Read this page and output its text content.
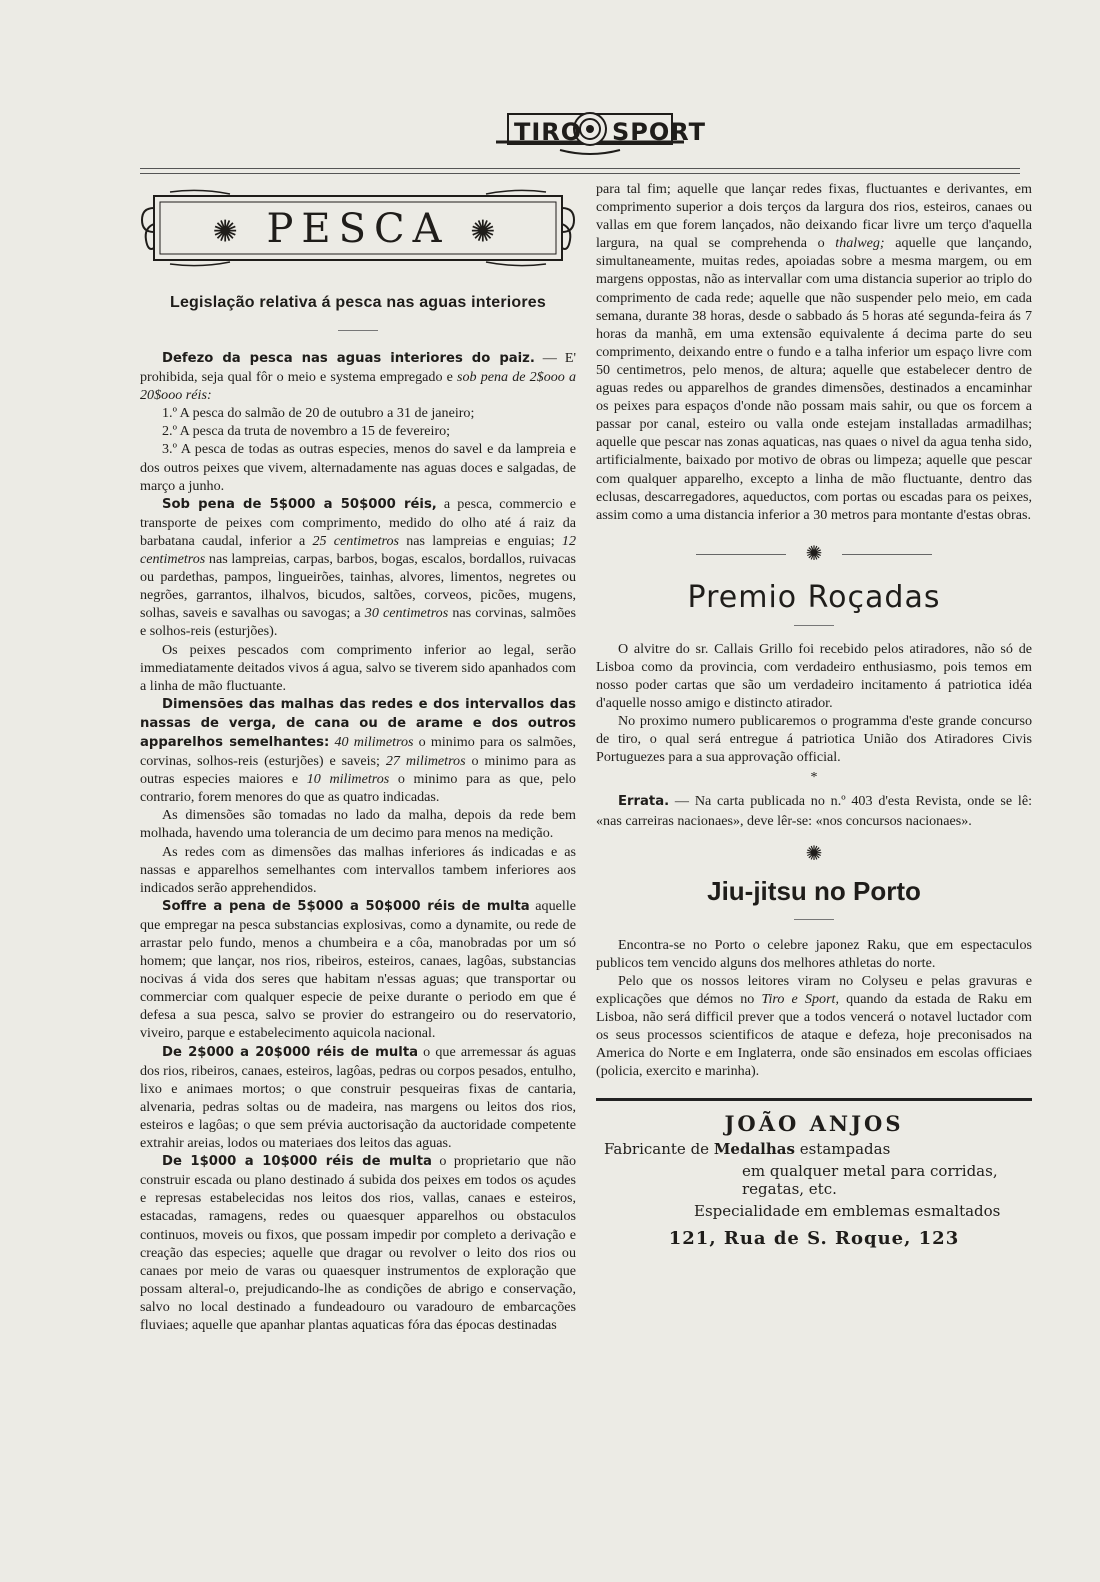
TIRO SPORT
✺ PESCA ✺
Legislação relativa á pesca nas aguas interiores

Defezo da pesca nas aguas interiores do paiz. — E' prohibida, seja qual fôr o meio e systema empregado e sob pena de 2$ooo a 20$ooo réis:

1.º A pesca do salmão de 20 de outubro a 31 de janeiro;

2.º A pesca da truta de novembro a 15 de fevereiro;

3.º A pesca de todas as outras especies, menos do savel e da lampreia e dos outros peixes que vivem, alternadamente nas aguas doces e salgadas, de março a junho.

Sob pena de 5$000 a 50$000 réis, a pesca, commercio e transporte de peixes com comprimento, medido do olho até á raiz da barbatana caudal, inferior a 25 centimetros nas lampreias e enguias; 12 centimetros nas lampreias, carpas, barbos, bogas, escalos, bordallos, ruivacas ou pardethas, pampos, lingueirões, tainhas, alvores, limentos, negretes ou negrões, garrantos, ilhalvos, bicudos, saltões, corveos, picões, mugens, solhas, saveis e savalhas ou savogas; a 30 centimetros nas corvinas, salmões e solhos-reis (esturjões).

Os peixes pescados com comprimento inferior ao legal, serão immediatamente deitados vivos á agua, salvo se tiverem sido apanhados com a linha de mão fluctuante.

Dimensões das malhas das redes e dos intervallos das nassas de verga, de cana ou de arame e dos outros apparelhos semelhantes: 40 milimetros o minimo para os salmões, corvinas, solhos-reis (esturjões) e saveis; 27 milimetros o minimo para as outras especies maiores e 10 milimetros o minimo para as que, pelo contrario, forem menores do que as quatro indicadas.

As dimensões são tomadas no lado da malha, depois da rede bem molhada, havendo uma tolerancia de um decimo para menos na medição.

As redes com as dimensões das malhas inferiores ás indicadas e as nassas e apparelhos semelhantes com intervallos tambem inferiores aos indicados serão apprehendidos.

Soffre a pena de 5$000 a 50$000 réis de multa aquelle que empregar na pesca substancias explosivas, como a dynamite, ou rede de arrastar pelo fundo, menos a chumbeira e a côa, manobradas por um só homem; que lançar, nos rios, ribeiros, esteiros, canaes, lagôas, substancias nocivas á vida dos seres que habitam n'essas aguas; que transportar ou commerciar com qualquer especie de peixe durante o periodo em que é defesa a sua pesca, salvo se provier do estrangeiro ou do reservatorio, viveiro, parque e estabelecimento aquicola nacional.

De 2$000 a 20$000 réis de multa o que arremessar ás aguas dos rios, ribeiros, canaes, esteiros, lagôas, pedras ou corpos pesados, entulho, lixo e animaes mortos; o que construir pesqueiras fixas de cantaria, alvenaria, pedras soltas ou de madeira, nas margens ou leitos dos rios, esteiros e lagôas; o que sem prévia auctorisação da auctoridade competente extrahir areias, lodos ou materiaes dos leitos das aguas.

De 1$000 a 10$000 réis de multa o proprietario que não construir escada ou plano destinado á subida dos peixes em todos os açudes e represas estabelecidas nos leitos dos rios, vallas, canaes e esteiros, estacadas, ramagens, redes ou quaesquer apparelhos ou obstaculos continuos, moveis ou fixos, que possam impedir por completo a derivação e creação das especies; aquelle que dragar ou revolver o leito dos rios ou canaes por meio de varas ou quaesquer instrumentos de exploração que possam alteral-o, prejudicando-lhe as condições de abrigo e conservação, salvo no local destinado a fundeadouro ou varadouro de embarcações fluviaes; aquelle que apanhar plantas aquaticas fóra das épocas destinadas

para tal fim; aquelle que lançar redes fixas, fluctuantes e derivantes, em comprimento superior a dois terços da largura dos rios, esteiros, canaes ou vallas em que forem lançados, não deixando ficar livre um terço d'aquella largura, na qual se comprehenda o thalweg; aquelle que lançando, simultaneamente, muitas redes, apoiadas sobre a mesma margem, ou em margens oppostas, não as intervallar com uma distancia superior ao triplo do comprimento de cada rede; aquelle que não suspender pelo meio, em cada semana, durante 38 horas, desde o sabbado ás 5 horas até segunda-feira ás 7 horas da manhã, em uma extensão equivalente á decima parte do seu comprimento, deixando entre o fundo e a talha inferior um espaço livre com 50 centimetros, pelo menos, de altura; aquelle que estabelecer dentro de aguas redes ou apparelhos de grandes dimensões, destinados a encaminhar os peixes para espaços d'onde não possam mais sahir, ou que os forcem a passar por canal, esteiro ou valla onde estejam installadas armadilhas; aquelle que pescar nas zonas aquaticas, nas quaes o nivel da agua tenha sido, artificialmente, baixado por motivo de obras ou limpeza; aquelle que pescar com qualquer apparelho, excepto a linha de mão fluctuante, dentro das eclusas, descarregadores, aqueductos, com portas ou escadas para os peixes, assim como a uma distancia inferior a 30 metros para montante d'estas obras.

✺
Premio Roçadas

O alvitre do sr. Callais Grillo foi recebido pelos atiradores, não só de Lisboa como da provincia, com verdadeiro enthusiasmo, pois temos em nosso poder cartas que são um verdadeiro incitamento á patriotica idéa d'aquelle nosso amigo e distincto atirador.

No proximo numero publicaremos o programma d'este grande concurso de tiro, o qual será entregue á patriotica União dos Atiradores Civis Portuguezes para a sua approvação official.

*

Errata. — Na carta publicada no n.º 403 d'esta Revista, onde se lê: «nas carreiras nacionaes», deve lêr-se: «nos concursos nacionaes».

✺
Jiu-jitsu no Porto

Encontra-se no Porto o celebre japonez Raku, que em espectaculos publicos tem vencido alguns dos melhores athletas do norte.

Pelo que os nossos leitores viram no Colyseu e pelas gravuras e explicações que démos no Tiro e Sport, quando da estada de Raku em Lisboa, não será difficil prever que a todos vencerá o notavel luctador com os seus processos scientificos de ataque e defeza, hoje preconisados na America do Norte e em Inglaterra, onde são ensinados em escolas officiaes (policia, exercito e marinha).

JOÃO ANJOS
Fabricante de Medalhas estampadas
em qualquer metal para corridas, regatas, etc.
Especialidade em emblemas esmaltados
121, Rua de S. Roque, 123
